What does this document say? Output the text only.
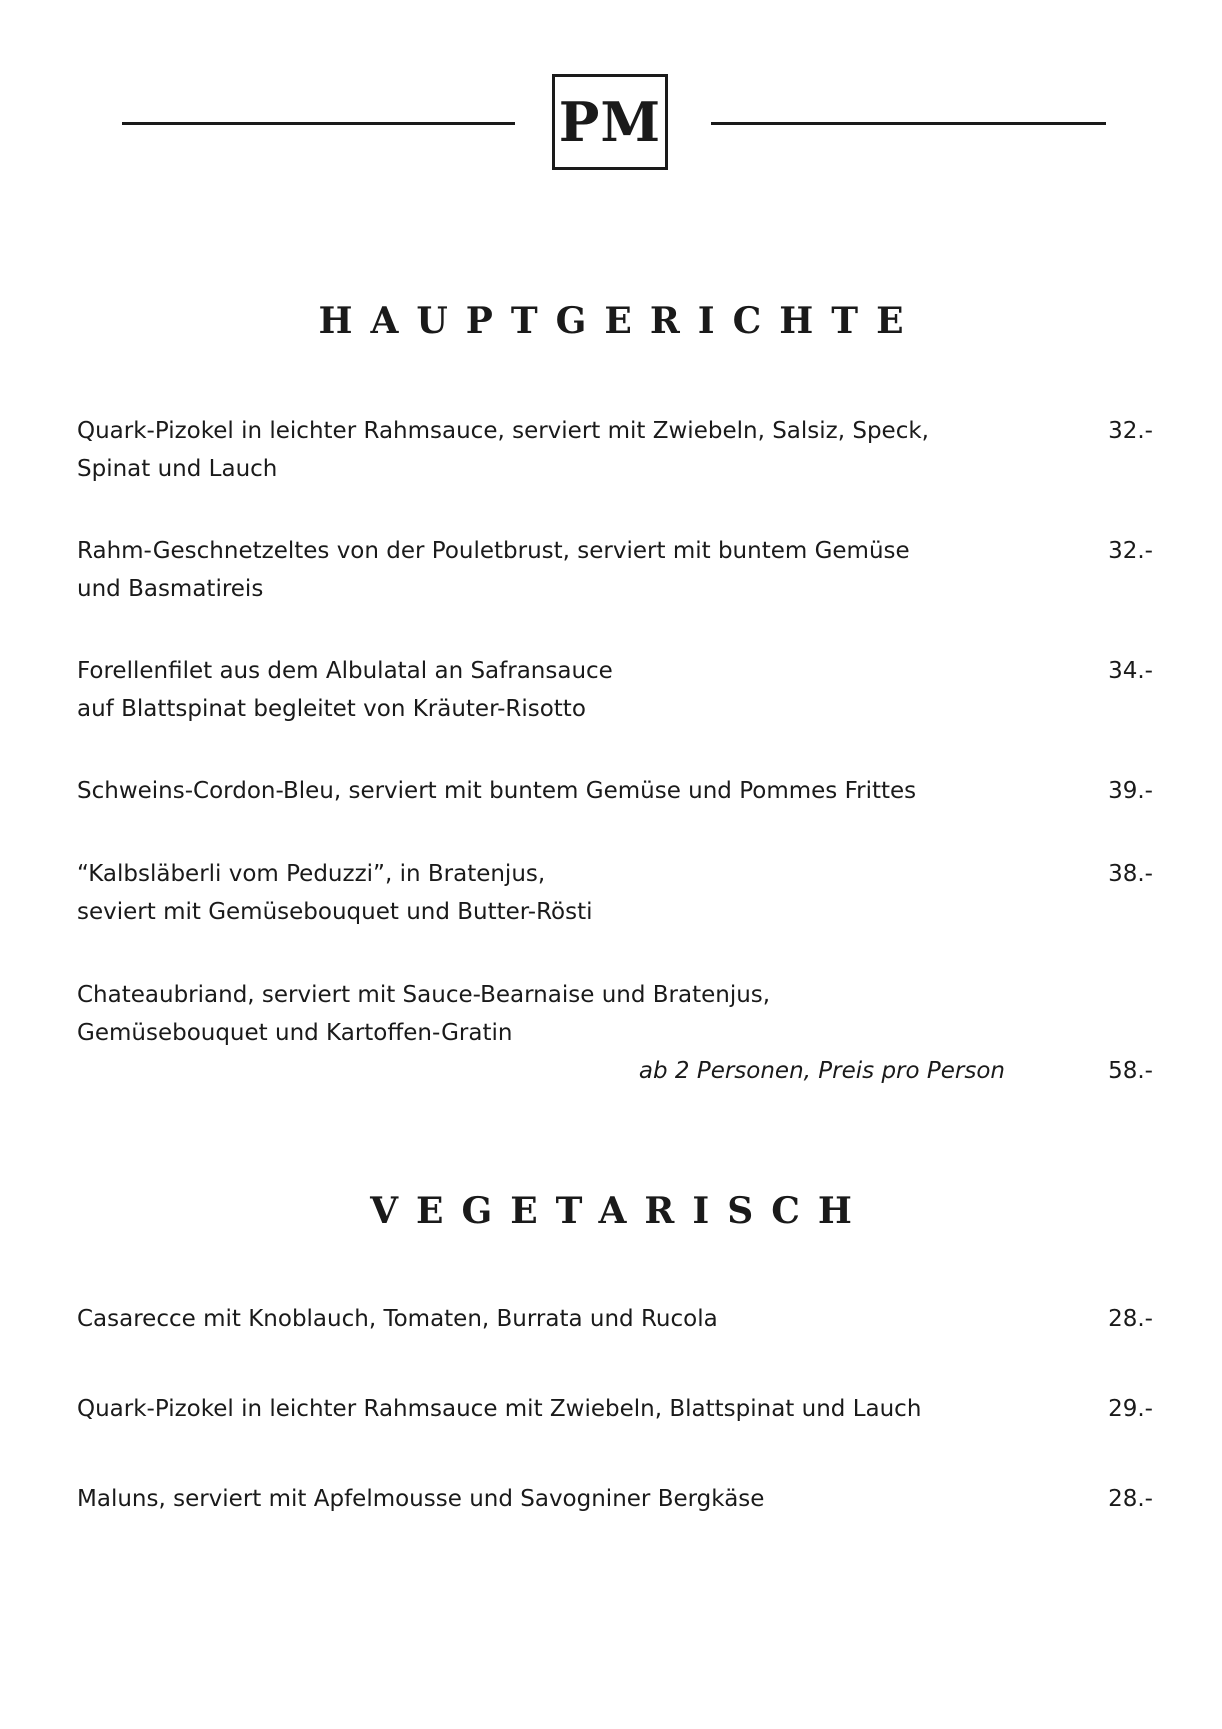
PM
HAUPTGERICHTE
Quark-Pizokel in leichter Rahmsauce, serviert mit Zwiebeln, Salsiz, Speck,
Spinat und Lauch
32.-
Rahm-Geschnetzeltes von der Pouletbrust, serviert mit buntem Gemüse
und Basmatireis
32.-
Forellenfilet aus dem Albulatal an Safransauce
auf Blattspinat begleitet von Kräuter-Risotto
34.-
Schweins-Cordon-Bleu, serviert mit buntem Gemüse und Pommes Frittes	39.-
“Kalbsläberli vom Peduzzi”, in Bratenjus,
seviert mit Gemüsebouquet und Butter-Rösti
38.-
Chateaubriand, serviert mit Sauce-Bearnaise und Bratenjus,
Gemüsebouquet und Kartoffen-Gratin
ab 2 Personen, Preis pro Person	58.-
VEGETARISCH
Casarecce mit Knoblauch, Tomaten, Burrata und Rucola	28.-
Quark-Pizokel in leichter Rahmsauce mit Zwiebeln, Blattspinat und Lauch	29.-
Maluns, serviert mit Apfelmousse und Savogniner Bergkäse	28.-
